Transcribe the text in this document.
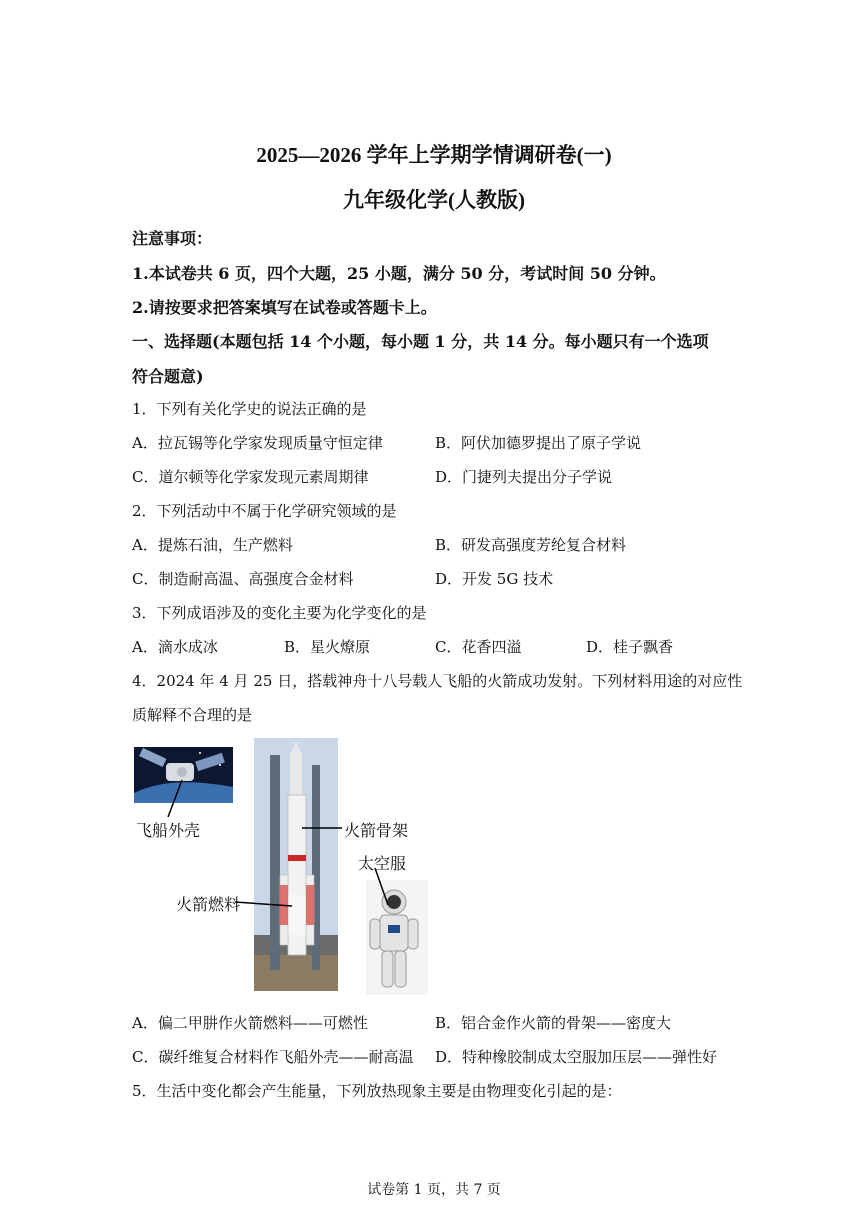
2025—2026 学年上学期学情调研卷(一)
九年级化学(人教版)
注意事项：
1.本试卷共 6 页，四个大题，25 小题，满分 50 分，考试时间 50 分钟。
2.请按要求把答案填写在试卷或答题卡上。
一、选择题(本题包括 14 个小题，每小题 1 分，共 14 分。每小题只有一个选项
符合题意)
1．下列有关化学史的说法正确的是
A．拉瓦锡等化学家发现质量守恒定律	B．阿伏加德罗提出了原子学说
C．道尔顿等化学家发现元素周期律	D．门捷列夫提出分子学说
2．下列活动中不属于化学研究领域的是
A．提炼石油，生产燃料	B．研发高强度芳纶复合材料
C．制造耐高温、高强度合金材料	D．开发 5G 技术
3．下列成语涉及的变化主要为化学变化的是
A．滴水成冰	B．星火燎原	C．花香四溢	D．桂子飘香
4．2024 年 4 月 25 日，搭载神舟十八号载人飞船的火箭成功发射。下列材料用途的对应性
质解释不合理的是
飞船外壳	火箭骨架
太空服
火箭燃料
A．偏二甲肼作火箭燃料——可燃性	B．铝合金作火箭的骨架——密度大
C．碳纤维复合材料作飞船外壳——耐高温 D．特种橡胶制成太空服加压层——弹性好
5．生活中变化都会产生能量，下列放热现象主要是由物理变化引起的是：
试卷第 1 页，共 7 页
